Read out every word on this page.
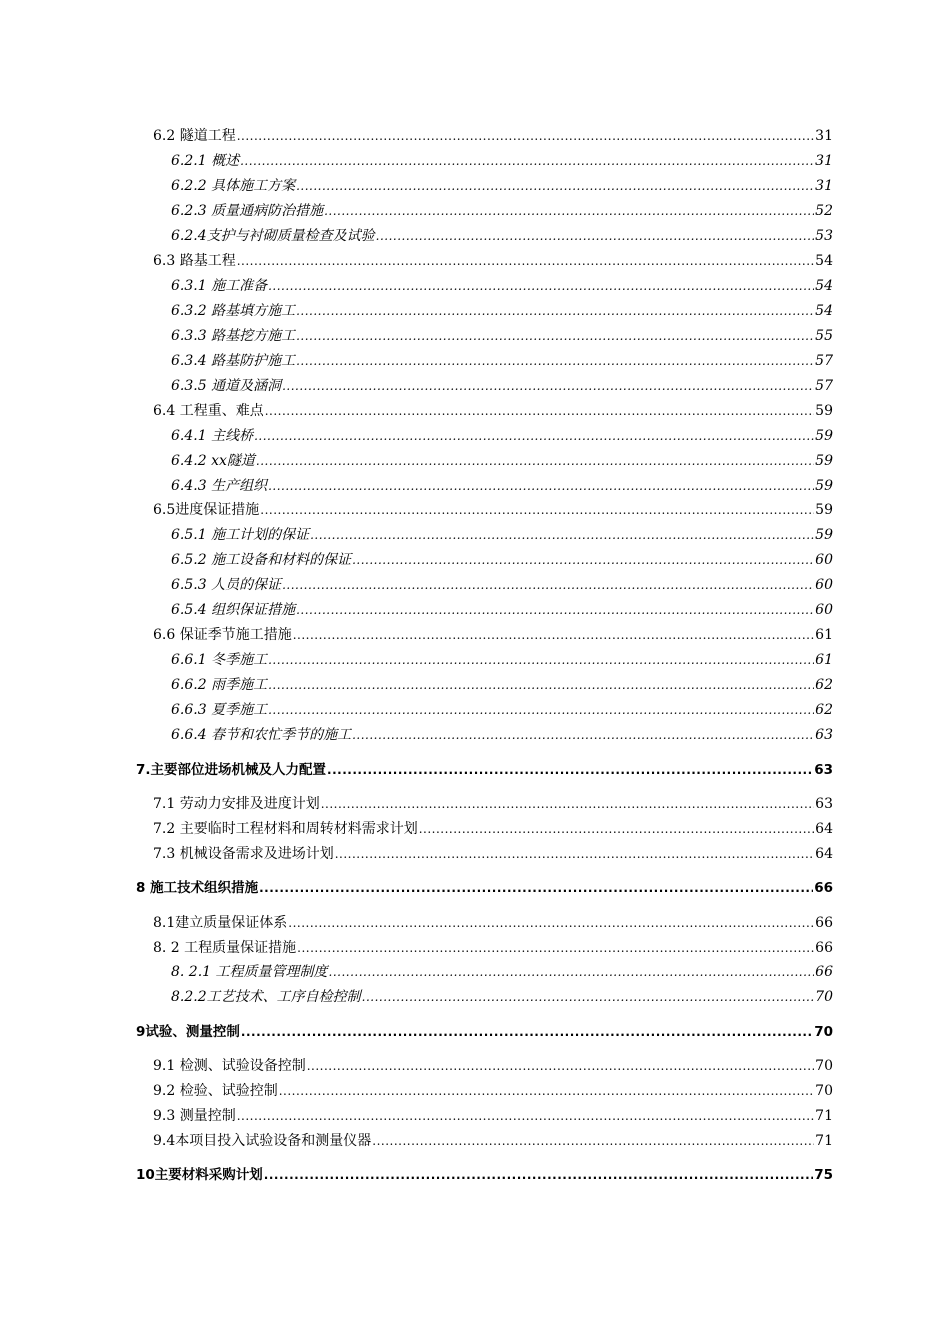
6.2 隧道工程 .....	31
6.2.1 概述 .....	31
6.2.2 具体施工方案 .....	31
6.2.3 质量通病防治措施 .....	52
6.2.4支护与衬砌质量检查及试验 .....	53
6.3 路基工程 .....	54
6.3.1 施工准备 .....	54
6.3.2 路基填方施工 .....	54
6.3.3 路基挖方施工 .....	55
6.3.4 路基防护施工 .....	57
6.3.5 通道及涵洞 .....	57
6.4 工程重、难点 .....	59
6.4.1 主线桥 .....	59
6.4.2 xx隧道 .....	59
6.4.3 生产组织 .....	59
6.5进度保证措施 .....	59
6.5.1 施工计划的保证 .....	59
6.5.2 施工设备和材料的保证 .....	60
6.5.3 人员的保证 .....	60
6.5.4 组织保证措施 .....	60
6.6 保证季节施工措施 .....	61
6.6.1 冬季施工 .....	61
6.6.2 雨季施工 .....	62
6.6.3 夏季施工 .....	62
6.6.4 春节和农忙季节的施工 .....	63
7.主要部位进场机械及人力配置 .....	63
7.1 劳动力安排及进度计划 .....	63
7.2 主要临时工程材料和周转材料需求计划 .....	64
7.3 机械设备需求及进场计划 .....	64
8 施工技术组织措施 .....	66
8.1建立质量保证体系 .....	66
8. 2 工程质量保证措施 .....	66
8. 2.1 工程质量管理制度 .....	66
8.2.2工艺技术、工序自检控制 .....	70
9试验、测量控制 .....	70
9.1 检测、试验设备控制 .....	70
9.2 检验、试验控制 .....	70
9.3 测量控制 .....	71
9.4本项目投入试验设备和测量仪器 .....	71
10主要材料采购计划 .....	75
